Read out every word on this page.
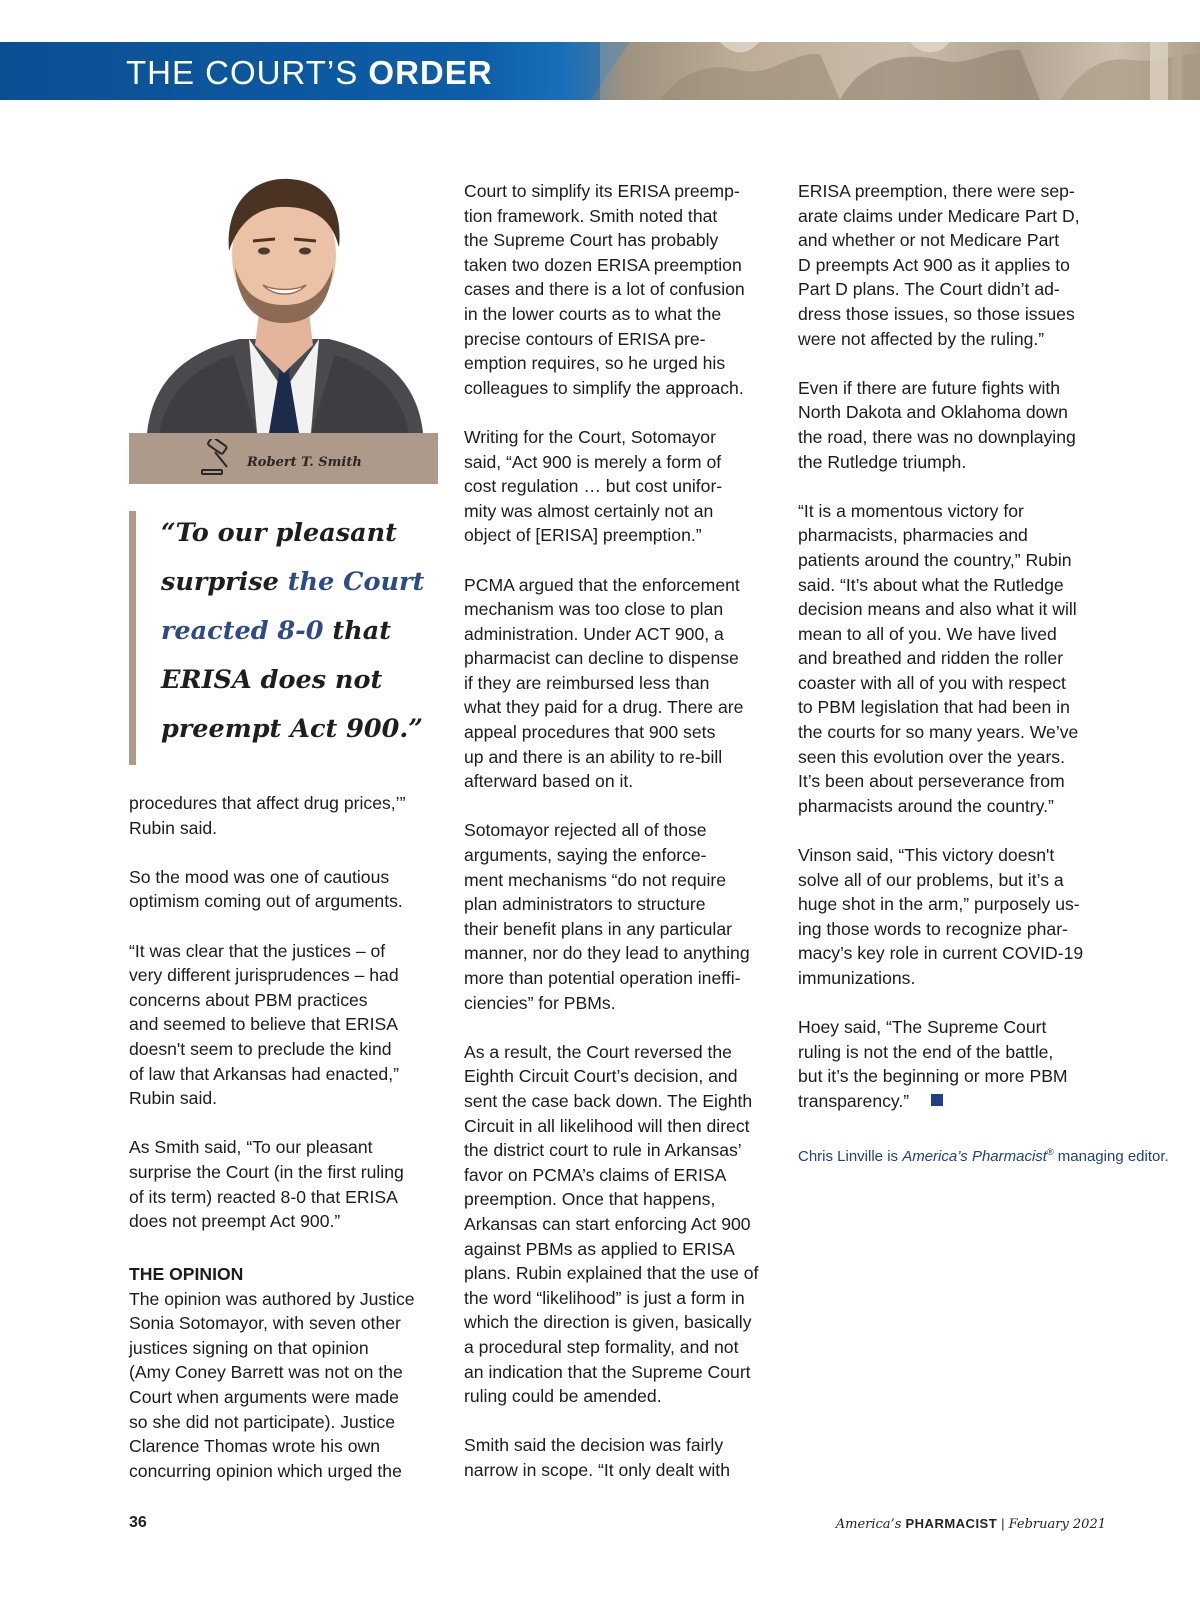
THE COURT’S ORDER
Robert T. Smith
“To our pleasant surprise the Court reacted 8-0 that ERISA does not preempt Act 900.”
procedures that affect drug prices,’”
Rubin said.
So the mood was one of cautious
optimism coming out of arguments.
“It was clear that the justices – of
very different jurisprudences – had
concerns about PBM practices
and seemed to believe that ERISA
doesn't seem to preclude the kind
of law that Arkansas had enacted,”
Rubin said.
As Smith said, “To our pleasant
surprise the Court (in the first ruling
of its term) reacted 8-0 that ERISA
does not preempt Act 900.”
THE OPINION
The opinion was authored by Justice
Sonia Sotomayor, with seven other
justices signing on that opinion
(Amy Coney Barrett was not on the
Court when arguments were made
so she did not participate). Justice
Clarence Thomas wrote his own
concurring opinion which urged the
Court to simplify its ERISA preemp-
tion framework. Smith noted that
the Supreme Court has probably
taken two dozen ERISA preemption
cases and there is a lot of confusion
in the lower courts as to what the
precise contours of ERISA pre-
emption requires, so he urged his
colleagues to simplify the approach.
Writing for the Court, Sotomayor
said, “Act 900 is merely a form of
cost regulation … but cost unifor-
mity was almost certainly not an
object of [ERISA] preemption.”
PCMA argued that the enforcement
mechanism was too close to plan
administration. Under ACT 900, a
pharmacist can decline to dispense
if they are reimbursed less than
what they paid for a drug. There are
appeal procedures that 900 sets
up and there is an ability to re-bill
afterward based on it.
Sotomayor rejected all of those
arguments, saying the enforce-
ment mechanisms “do not require
plan administrators to structure
their benefit plans in any particular
manner, nor do they lead to anything
more than potential operation ineffi-
ciencies” for PBMs.
As a result, the Court reversed the
Eighth Circuit Court’s decision, and
sent the case back down. The Eighth
Circuit in all likelihood will then direct
the district court to rule in Arkansas’
favor on PCMA’s claims of ERISA
preemption. Once that happens,
Arkansas can start enforcing Act 900
against PBMs as applied to ERISA
plans. Rubin explained that the use of
the word “likelihood” is just a form in
which the direction is given, basically
a procedural step formality, and not
an indication that the Supreme Court
ruling could be amended.
Smith said the decision was fairly
narrow in scope. “It only dealt with
ERISA preemption, there were sep-
arate claims under Medicare Part D,
and whether or not Medicare Part
D preempts Act 900 as it applies to
Part D plans. The Court didn’t ad-
dress those issues, so those issues
were not affected by the ruling.”
Even if there are future fights with
North Dakota and Oklahoma down
the road, there was no downplaying
the Rutledge triumph.
“It is a momentous victory for
pharmacists, pharmacies and
patients around the country,” Rubin
said. “It’s about what the Rutledge
decision means and also what it will
mean to all of you. We have lived
and breathed and ridden the roller
coaster with all of you with respect
to PBM legislation that had been in
the courts for so many years. We’ve
seen this evolution over the years.
It’s been about perseverance from
pharmacists around the country.”
Vinson said, “This victory doesn't
solve all of our problems, but it’s a
huge shot in the arm,” purposely us-
ing those words to recognize phar-
macy’s key role in current COVID-19
immunizations.
Hoey said, “The Supreme Court
ruling is not the end of the battle,
but it’s the beginning or more PBM
transparency.”
Chris Linville is America’s Pharmacist® managing editor.
36	America’s PHARMACIST | February 2021
